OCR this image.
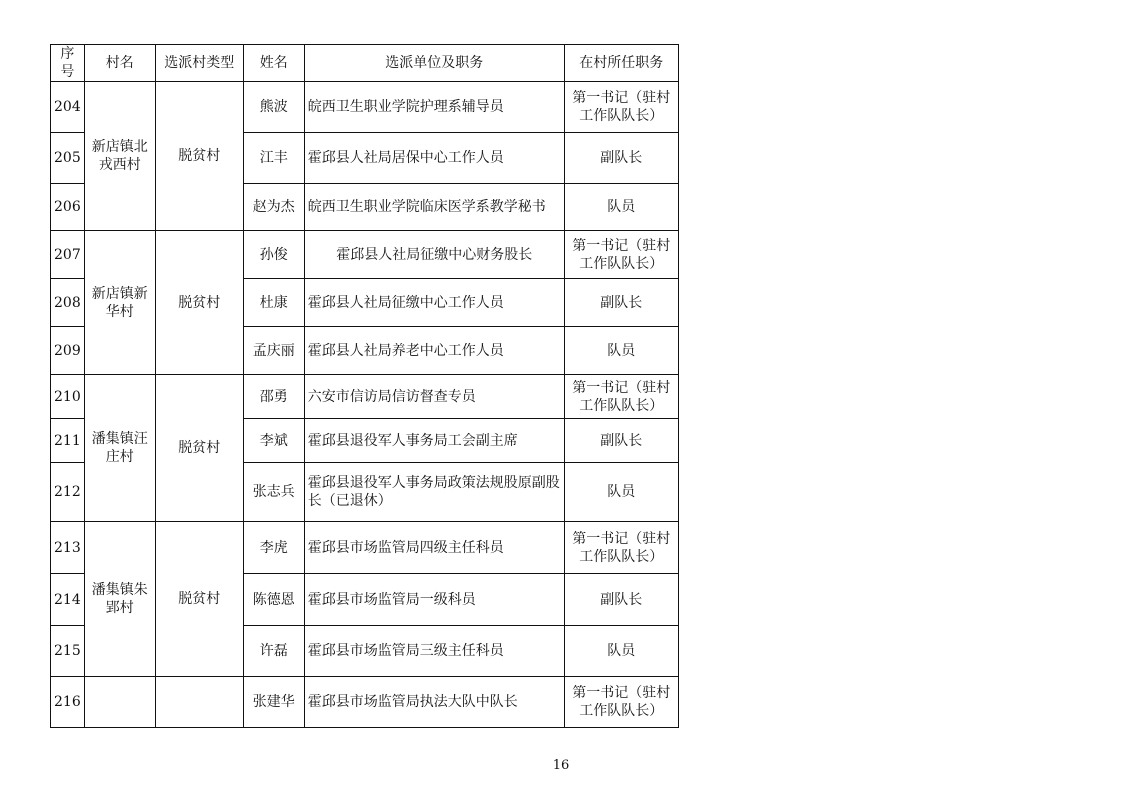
序号	村名	选派村类型	姓名	选派单位及职务	在村所任职务
204	新店镇北戎西村	脱贫村	熊波	皖西卫生职业学院护理系辅导员	第一书记（驻村工作队队长）
205			江丰	霍邱县人社局居保中心工作人员	副队长
206			赵为杰	皖西卫生职业学院临床医学系教学秘书	队员
207	新店镇新华村	脱贫村	孙俊	霍邱县人社局征缴中心财务股长	第一书记（驻村工作队队长）
208			杜康	霍邱县人社局征缴中心工作人员	副队长
209			孟庆丽	霍邱县人社局养老中心工作人员	队员
210	潘集镇汪庄村	脱贫村	邵勇	六安市信访局信访督查专员	第一书记（驻村工作队队长）
211			李斌	霍邱县退役军人事务局工会副主席	副队长
212			张志兵	霍邱县退役军人事务局政策法规股原副股长（已退休）	队员
213	潘集镇朱郢村	脱贫村	李虎	霍邱县市场监管局四级主任科员	第一书记（驻村工作队队长）
214			陈德恩	霍邱县市场监管局一级科员	副队长
215			许磊	霍邱县市场监管局三级主任科员	队员
216			张建华	霍邱县市场监管局执法大队中队长	第一书记（驻村工作队队长）
16
